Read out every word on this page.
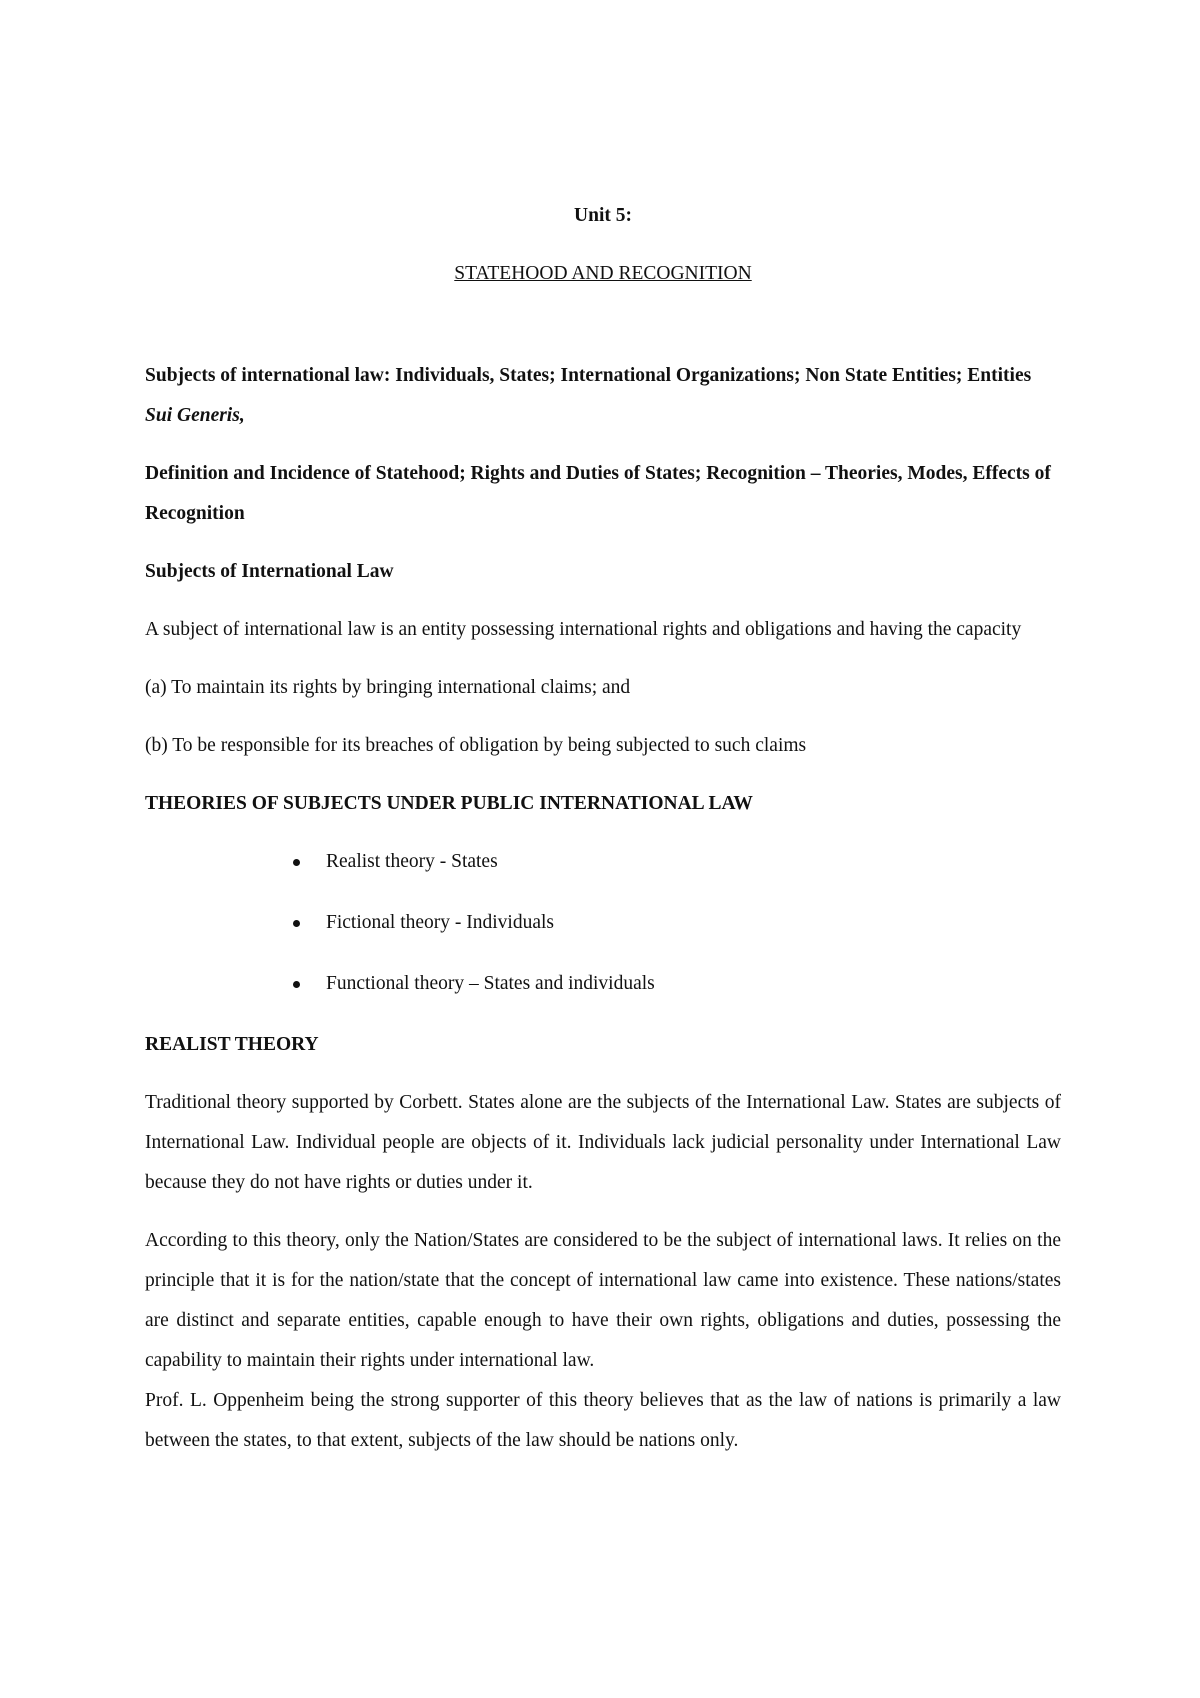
Unit 5:

STATEHOOD AND RECOGNITION

Subjects of international law: Individuals, States; International Organizations; Non State Entities; Entities Sui Generis,

Definition and Incidence of Statehood; Rights and Duties of States; Recognition – Theories, Modes, Effects of Recognition

Subjects of International Law

A subject of international law is an entity possessing international rights and obligations and having the capacity

(a) To maintain its rights by bringing international claims; and

(b) To be responsible for its breaches of obligation by being subjected to such claims

THEORIES OF SUBJECTS UNDER PUBLIC INTERNATIONAL LAW

Realist theory - States
Fictional theory - Individuals
Functional theory – States and individuals

REALIST THEORY

Traditional theory supported by Corbett. States alone are the subjects of the International Law. States are subjects of International Law. Individual people are objects of it. Individuals lack judicial personality under International Law because they do not have rights or duties under it.

According to this theory, only the Nation/States are considered to be the subject of international laws. It relies on the principle that it is for the nation/state that the concept of international law came into existence. These nations/states are distinct and separate entities, capable enough to have their own rights, obligations and duties, possessing the capability to maintain their rights under international law.

Prof. L. Oppenheim being the strong supporter of this theory believes that as the law of nations is primarily a law between the states, to that extent, subjects of the law should be nations only.
